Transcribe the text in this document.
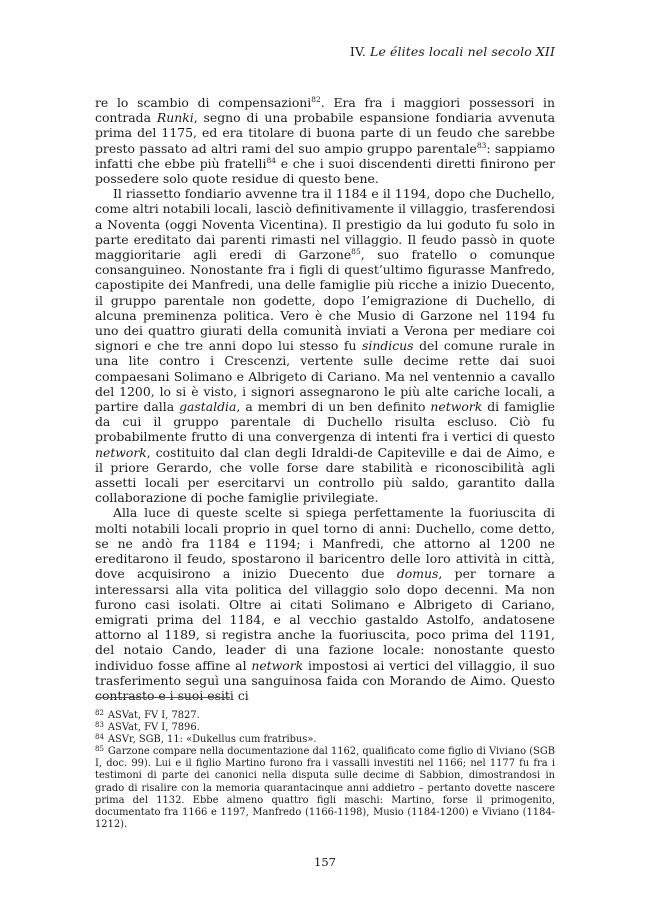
IV. Le élites locali nel secolo XII

re lo scambio di compensazioni$^{82}$. Era fra i maggiori possessori in contrada Runki, segno di una probabile espansione fondiaria avvenuta prima del 1175, ed era titolare di buona parte di un feudo che sarebbe presto passato ad altri rami del suo ampio gruppo parentale$^{83}$: sappiamo infatti che ebbe più fratelli$^{84}$ e che i suoi discendenti diretti finirono per possedere solo quote residue di questo bene.

Il riassetto fondiario avvenne tra il 1184 e il 1194, dopo che Duchello, come altri notabili locali, lasciò definitivamente il villaggio, trasferendosi a Noventa (oggi Noventa Vicentina). Il prestigio da lui goduto fu solo in parte ereditato dai parenti rimasti nel villaggio. Il feudo passò in quote maggioritarie agli eredi di Garzone$^{85}$, suo fratello o comunque consanguineo. Nonostante fra i figli di quest’ultimo figurasse Manfredo, capostipite dei Manfredi, una delle famiglie più ricche a inizio Duecento, il gruppo parentale non godette, dopo l’emigrazione di Duchello, di alcuna preminenza politica. Vero è che Musio di Garzone nel 1194 fu uno dei quattro giurati della comunità inviati a Verona per mediare coi signori e che tre anni dopo lui stesso fu sindicus del comune rurale in una lite contro i Crescenzi, vertente sulle decime rette dai suoi compaesani Solimano e Albrigeto di Cariano. Ma nel ventennio a cavallo del 1200, lo si è visto, i signori assegnarono le più alte cariche locali, a partire dalla gastaldia, a membri di un ben definito network di famiglie da cui il gruppo parentale di Duchello risulta escluso. Ciò fu probabilmente frutto di una convergenza di intenti fra i vertici di questo network, costituito dal clan degli Idraldi-de Capiteville e dai de Aimo, e il priore Gerardo, che volle forse dare stabilità e riconoscibilità agli assetti locali per esercitarvi un controllo più saldo, garantito dalla collaborazione di poche famiglie privilegiate.

Alla luce di queste scelte si spiega perfettamente la fuoriuscita di molti notabili locali proprio in quel torno di anni: Duchello, come detto, se ne andò fra 1184 e 1194; i Manfredi, che attorno al 1200 ne ereditarono il feudo, spostarono il baricentro delle loro attività in città, dove acquisirono a inizio Duecento due domus, per tornare a interessarsi alla vita politica del villaggio solo dopo decenni. Ma non furono casi isolati. Oltre ai citati Solimano e Albrigeto di Cariano, emigrati prima del 1184, e al vecchio gastaldo Astolfo, andatosene attorno al 1189, si registra anche la fuoriuscita, poco prima del 1191, del notaio Cando, leader di una fazione locale: nonostante questo individuo fosse affine al network impostosi ai vertici del villaggio, il suo trasferimento seguì una sanguinosa faida con Morando de Aimo. Questo contrasto e i suoi esiti ci

$^{82}$ ASVat, FV I, 7827.

$^{83}$ ASVat, FV I, 7896.

$^{84}$ ASVr, SGB, 11: «Dukellus cum fratribus».

$^{85}$ Garzone compare nella documentazione dal 1162, qualificato come figlio di Viviano (SGB I, doc. 99). Lui e il figlio Martino furono fra i vassalli investiti nel 1166; nel 1177 fu fra i testimoni di parte dei canonici nella disputa sulle decime di Sabbion, dimostrandosi in grado di risalire con la memoria quarantacinque anni addietro – pertanto dovette nascere prima del 1132. Ebbe almeno quattro figli maschi: Martino, forse il primogenito, documentato fra 1166 e 1197, Manfredo (1166-1198), Musio (1184-1200) e Viviano (1184-1212).

157
